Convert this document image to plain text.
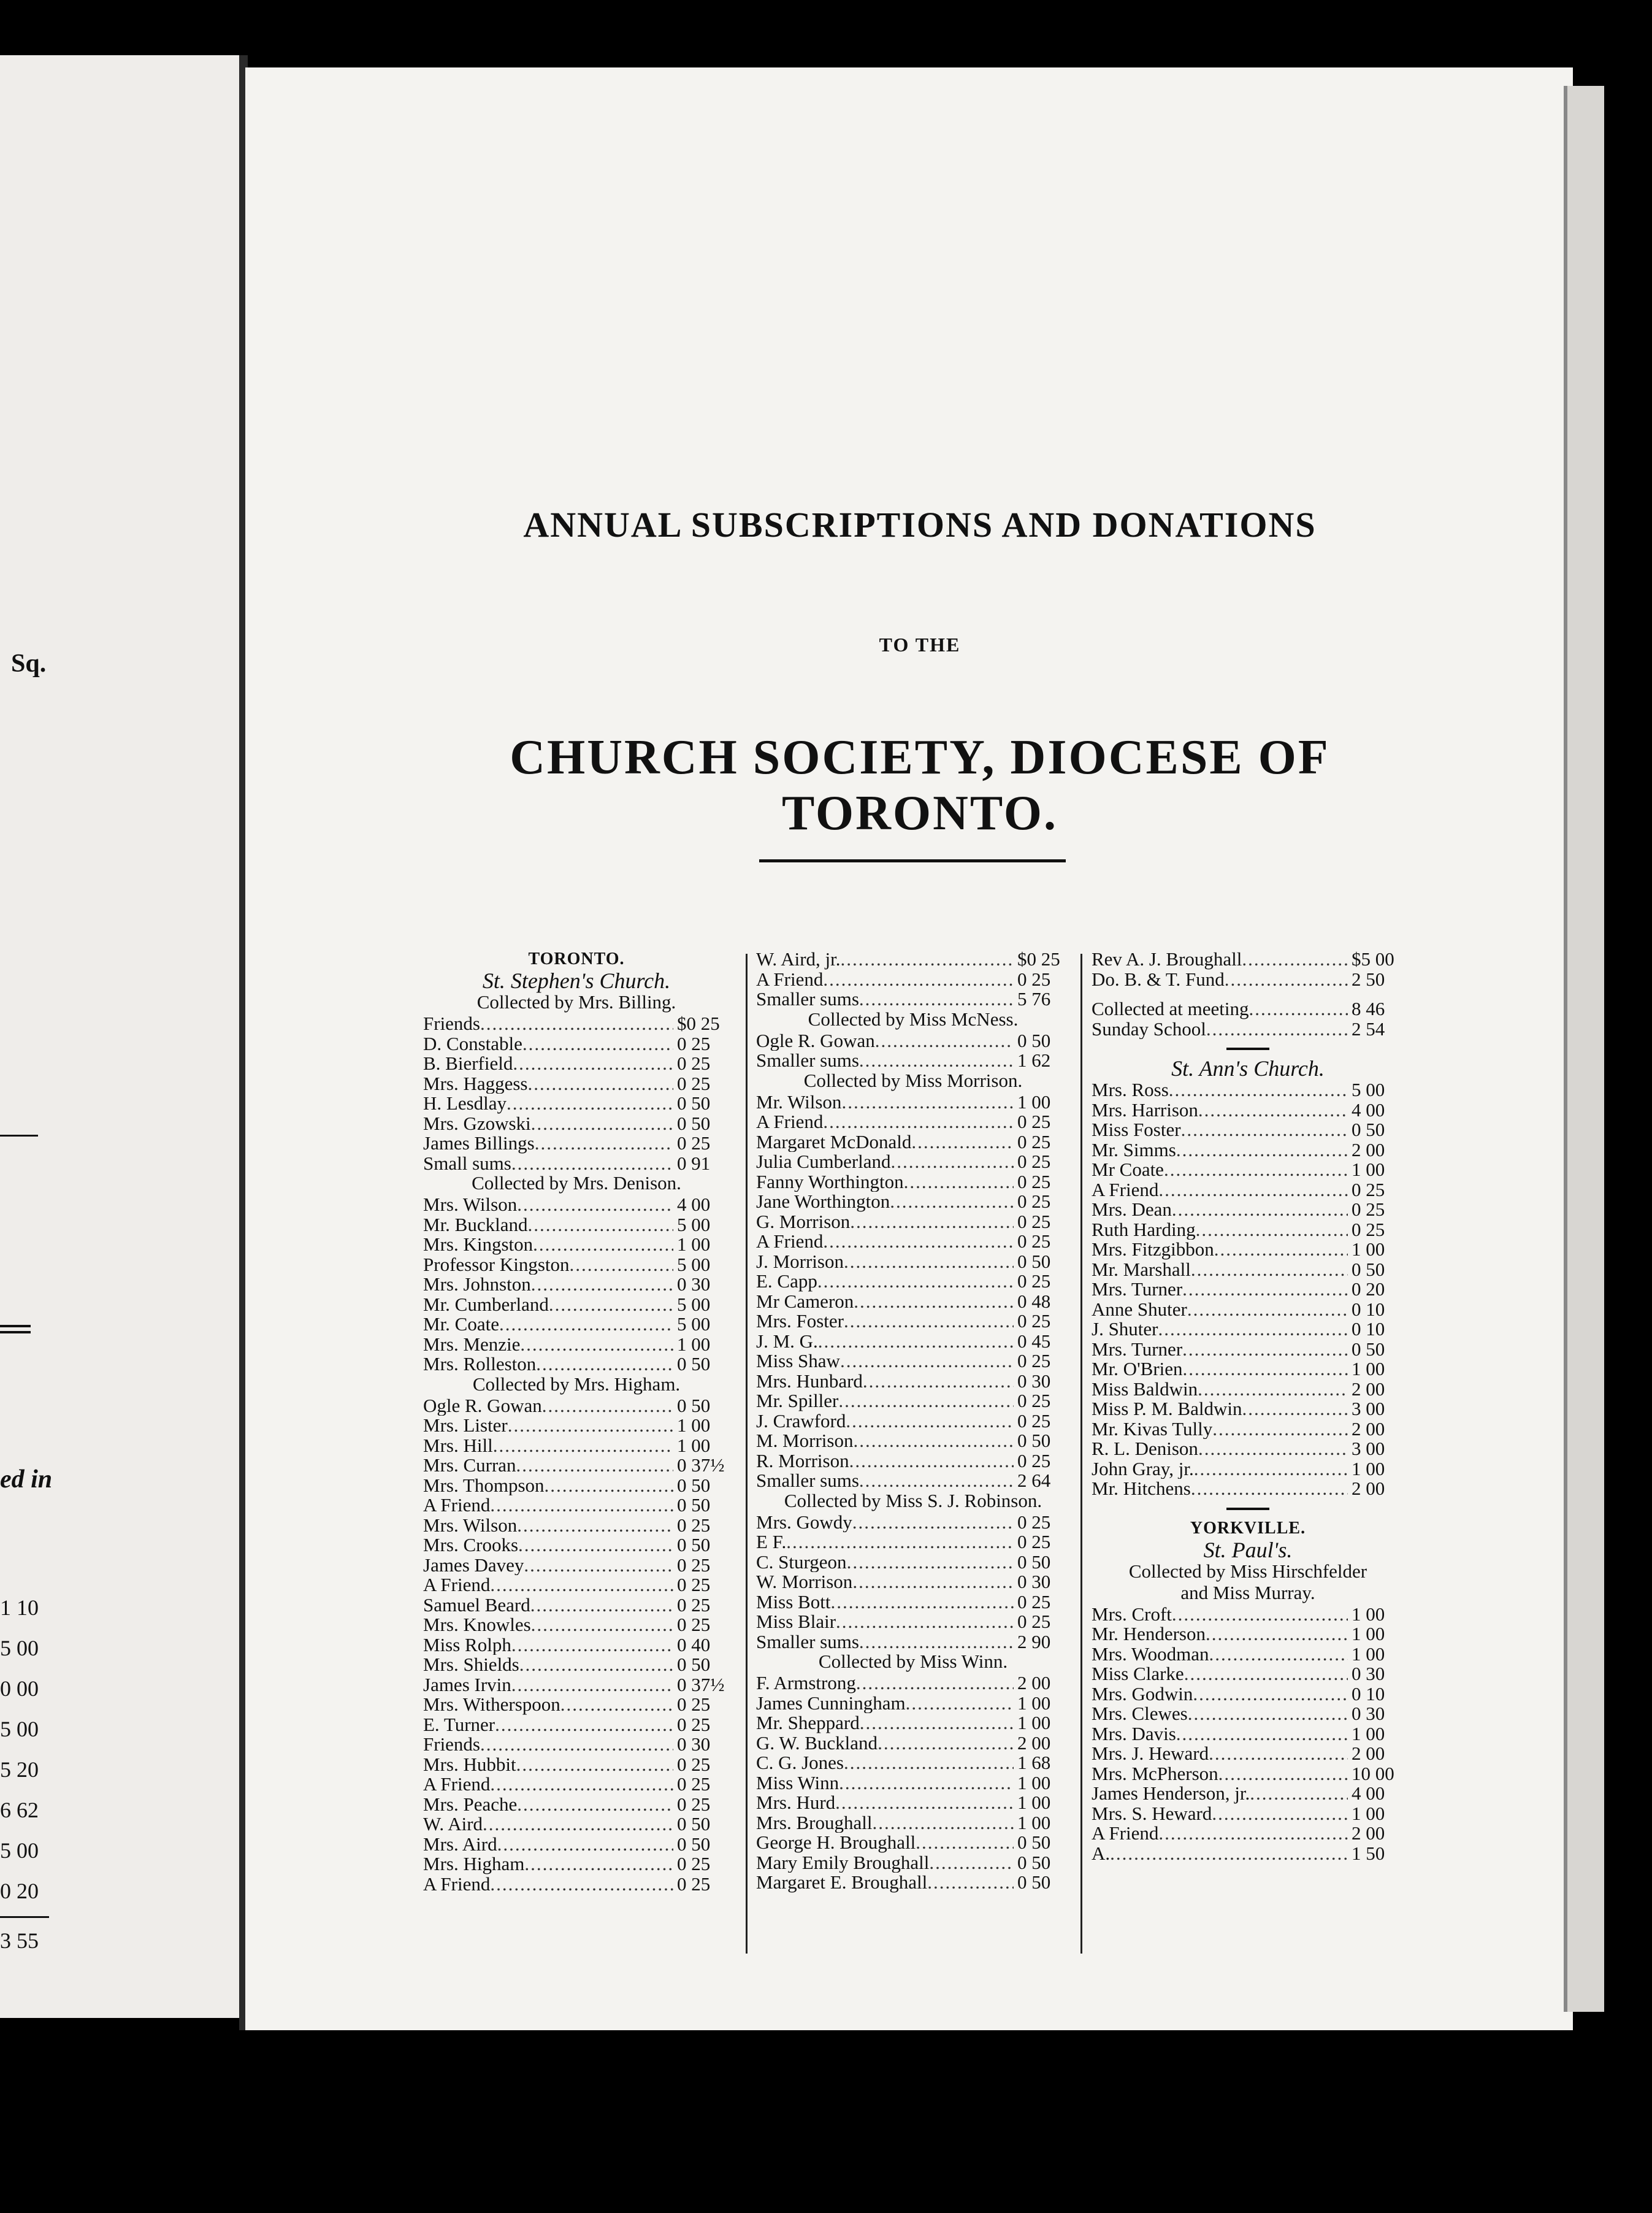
Sq.
ed in
1 10
5 00
0 00
5 00
5 20
6 62
5 00
0 20
3 55
ANNUAL SUBSCRIPTIONS AND DONATIONS
TO THE
CHURCH SOCIETY, DIOCESE OF TORONTO.
TORONTO.
St. Stephen's Church.
Collected by Mrs. Billing.
Friends .....	$0 25
D. Constable .....	0 25
B. Bierfield .....	0 25
Mrs. Haggess .....	0 25
H. Lesdlay .....	0 50
Mrs. Gzowski .....	0 50
James Billings .....	0 25
Small sums .....	0 91
Collected by Mrs. Denison.
Mrs. Wilson .....	4 00
Mr. Buckland .....	5 00
Mrs. Kingston .....	1 00
Professor Kingston .....	5 00
Mrs. Johnston .....	0 30
Mr. Cumberland .....	5 00
Mr. Coate .....	5 00
Mrs. Menzie .....	1 00
Mrs. Rolleston .....	0 50
Collected by Mrs. Higham.
Ogle R. Gowan .....	0 50
Mrs. Lister .....	1 00
Mrs. Hill .....	1 00
Mrs. Curran .....	0 37½
Mrs. Thompson .....	0 50
A Friend .....	0 50
Mrs. Wilson .....	0 25
Mrs. Crooks .....	0 50
James Davey .....	0 25
A Friend .....	0 25
Samuel Beard .....	0 25
Mrs. Knowles .....	0 25
Miss Rolph .....	0 40
Mrs. Shields .....	0 50
James Irvin .....	0 37½
Mrs. Witherspoon .....	0 25
E. Turner .....	0 25
Friends .....	0 30
Mrs. Hubbit .....	0 25
A Friend .....	0 25
Mrs. Peache .....	0 25
W. Aird .....	0 50
Mrs. Aird .....	0 50
Mrs. Higham .....	0 25
A Friend .....	0 25
W. Aird, jr. .....	$0 25
A Friend .....	0 25
Smaller sums .....	5 76
Collected by Miss McNess.
Ogle R. Gowan .....	0 50
Smaller sums .....	1 62
Collected by Miss Morrison.
Mr. Wilson .....	1 00
A Friend .....	0 25
Margaret McDonald .....	0 25
Julia Cumberland .....	0 25
Fanny Worthington .....	0 25
Jane Worthington .....	0 25
G. Morrison .....	0 25
A Friend .....	0 25
J. Morrison .....	0 50
E. Capp .....	0 25
Mr Cameron .....	0 48
Mrs. Foster .....	0 25
J. M. G. .....	0 45
Miss Shaw .....	0 25
Mrs. Hunbard .....	0 30
Mr. Spiller .....	0 25
J. Crawford .....	0 25
M. Morrison .....	0 50
R. Morrison .....	0 25
Smaller sums .....	2 64
Collected by Miss S. J. Robinson.
Mrs. Gowdy .....	0 25
E F. .....	0 25
C. Sturgeon .....	0 50
W. Morrison .....	0 30
Miss Bott .....	0 25
Miss Blair .....	0 25
Smaller sums .....	2 90
Collected by Miss Winn.
F. Armstrong .....	2 00
James Cunningham .....	1 00
Mr. Sheppard .....	1 00
G. W. Buckland .....	2 00
C. G. Jones .....	1 68
Miss Winn .....	1 00
Mrs. Hurd .....	1 00
Mrs. Broughall .....	1 00
George H. Broughall .....	0 50
Mary Emily Broughall .....	0 50
Margaret E. Broughall .....	0 50
Rev A. J. Broughall .....	$5 00
Do. B. & T. Fund .....	2 50
Collected at meeting .....	8 46
Sunday School .....	2 54
St. Ann's Church.
Mrs. Ross .....	5 00
Mrs. Harrison .....	4 00
Miss Foster .....	0 50
Mr. Simms .....	2 00
Mr Coate .....	1 00
A Friend .....	0 25
Mrs. Dean .....	0 25
Ruth Harding .....	0 25
Mrs. Fitzgibbon .....	1 00
Mr. Marshall .....	0 50
Mrs. Turner .....	0 20
Anne Shuter .....	0 10
J. Shuter .....	0 10
Mrs. Turner .....	0 50
Mr. O'Brien .....	1 00
Miss Baldwin .....	2 00
Miss P. M. Baldwin .....	3 00
Mr. Kivas Tully .....	2 00
R. L. Denison .....	3 00
John Gray, jr. .....	1 00
Mr. Hitchens .....	2 00
YORKVILLE.
St. Paul's.
Collected by Miss Hirschfelder
and Miss Murray.
Mrs. Croft .....	1 00
Mr. Henderson .....	1 00
Mrs. Woodman .....	1 00
Miss Clarke .....	0 30
Mrs. Godwin .....	0 10
Mrs. Clewes .....	0 30
Mrs. Davis .....	1 00
Mrs. J. Heward .....	2 00
Mrs. McPherson .....	10 00
James Henderson, jr. .....	4 00
Mrs. S. Heward .....	1 00
A Friend .....	2 00
A. .....	1 50
